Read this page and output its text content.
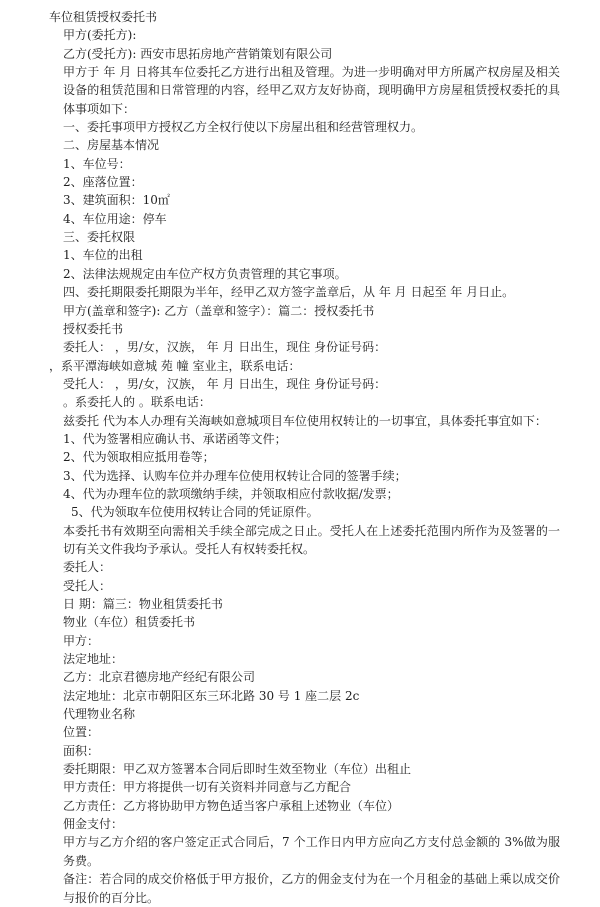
车位租赁授权委托书
甲方(委托方):
乙方(受托方): 西安市思拓房地产营销策划有限公司
甲方于 年 月 日将其车位委托乙方进行出租及管理。为进一步明确对甲方所属产权房屋及相关设备的租赁范围和日常管理的内容，经甲乙双方友好协商，现明确甲方房屋租赁授权委托的具体事项如下：
一、委托事项甲方授权乙方全权行使以下房屋出租和经营管理权力。
二、房屋基本情况
1、车位号：
2、座落位置：
3、建筑面积：10㎡
4、车位用途：停车
三、委托权限
1、车位的出租
2、法律法规规定由车位产权方负责管理的其它事项。
四、委托期限委托期限为半年，经甲乙双方签字盖章后，从 年 月 日起至 年 月日止。
甲方(盖章和签字): 乙方（盖章和签字）：篇二：授权委托书
授权委托书
委托人： ，男/女，汉族， 年 月 日出生，现住 身份证号码：
，系平潭海峡如意城 苑 幢 室业主，联系电话：
受托人： ，男/女，汉族， 年 月 日出生，现住 身份证号码：
。系委托人的 。联系电话：
兹委托 代为本人办理有关海峡如意城项目车位使用权转让的一切事宜，具体委托事宜如下：
1、代为签署相应确认书、承诺函等文件；
2、代为领取相应抵用卷等；
3、代为选择、认购车位并办理车位使用权转让合同的签署手续；
4、代为办理车位的款项缴纳手续，并领取相应付款收据/发票；
5、代为领取车位使用权转让合同的凭证原件。
本委托书有效期至向需相关手续全部完成之日止。受托人在上述委托范围内所作为及签署的一切有关文件我均予承认。受托人有权转委托权。
委托人：
受托人：
日 期：篇三：物业租赁委托书
物业（车位）租赁委托书
甲方：
法定地址：
乙方：北京君德房地产经纪有限公司
法定地址：北京市朝阳区东三环北路 30 号 1 座二层 2c
代理物业名称
位置：
面积：
委托期限：甲乙双方签署本合同后即时生效至物业（车位）出租止
甲方责任：甲方将提供一切有关资料并同意与乙方配合
乙方责任：乙方将协助甲方物色适当客户承租上述物业（车位）
佣金支付：
甲方与乙方介绍的客户签定正式合同后，7 个工作日内甲方应向乙方支付总金额的 3%做为服务费。
备注：若合同的成交价格低于甲方报价，乙方的佣金支付为在一个月租金的基础上乘以成交价与报价的百分比。
